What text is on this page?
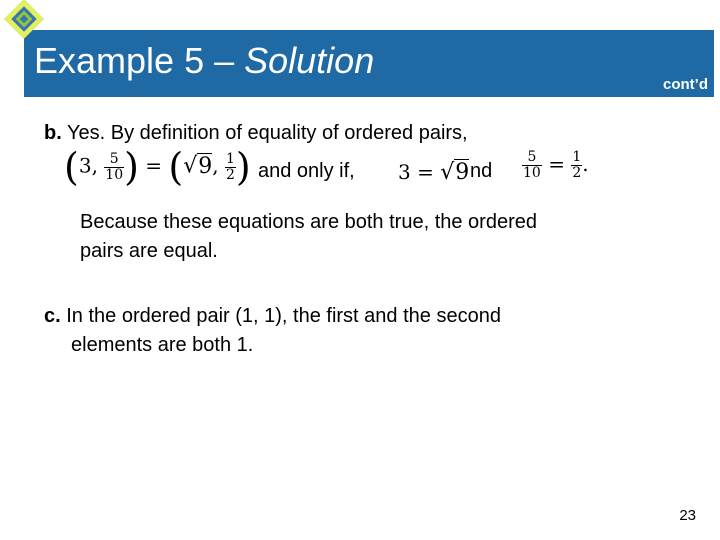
Example 5 – Solution
cont’d
b. Yes. By definition of equality of ordered pairs,
(3, $\frac{5}{10}$ ) = (√9, $\frac{1}{2}$ ) and only if, 3 = √9 nd $\frac{5}{10} = \frac{1}{2}$ .
Because these equations are both true, the ordered
pairs are equal.
c. In the ordered pair (1, 1), the first and the second
elements are both 1.
23
